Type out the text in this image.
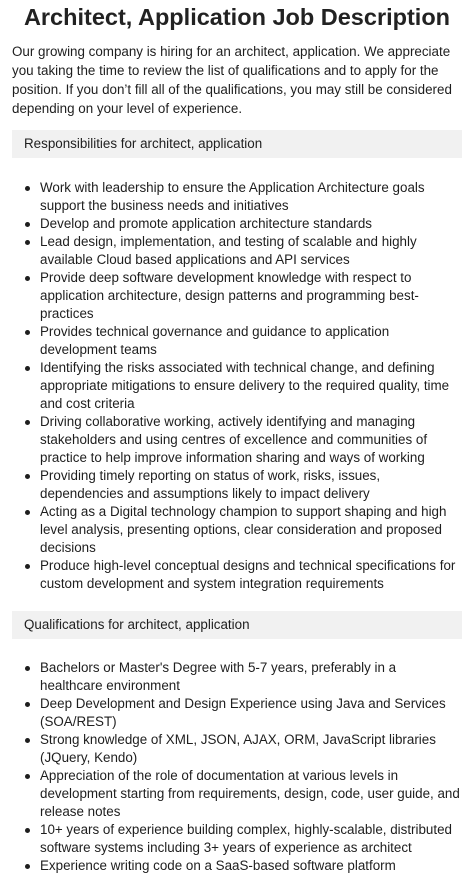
Architect, Application Job Description

Our growing company is hiring for an architect, application. We appreciate you taking the time to review the list of qualifications and to apply for the position. If you don’t fill all of the qualifications, you may still be considered depending on your level of experience.

Responsibilities for architect, application
Work with leadership to ensure the Application Architecture goals support the business needs and initiatives
Develop and promote application architecture standards
Lead design, implementation, and testing of scalable and highly available Cloud based applications and API services
Provide deep software development knowledge with respect to application architecture, design patterns and programming best-practices
Provides technical governance and guidance to application development teams
Identifying the risks associated with technical change, and defining appropriate mitigations to ensure delivery to the required quality, time and cost criteria
Driving collaborative working, actively identifying and managing stakeholders and using centres of excellence and communities of practice to help improve information sharing and ways of working
Providing timely reporting on status of work, risks, issues, dependencies and assumptions likely to impact delivery
Acting as a Digital technology champion to support shaping and high level analysis, presenting options, clear consideration and proposed decisions
Produce high-level conceptual designs and technical specifications for custom development and system integration requirements
Qualifications for architect, application
Bachelors or Master's Degree with 5-7 years, preferably in a healthcare environment
Deep Development and Design Experience using Java and Services (SOA/REST)
Strong knowledge of XML, JSON, AJAX, ORM, JavaScript libraries (JQuery, Kendo)
Appreciation of the role of documentation at various levels in development starting from requirements, design, code, user guide, and release notes
10+ years of experience building complex, highly-scalable, distributed software systems including 3+ years of experience as architect
Experience writing code on a SaaS-based software platform
